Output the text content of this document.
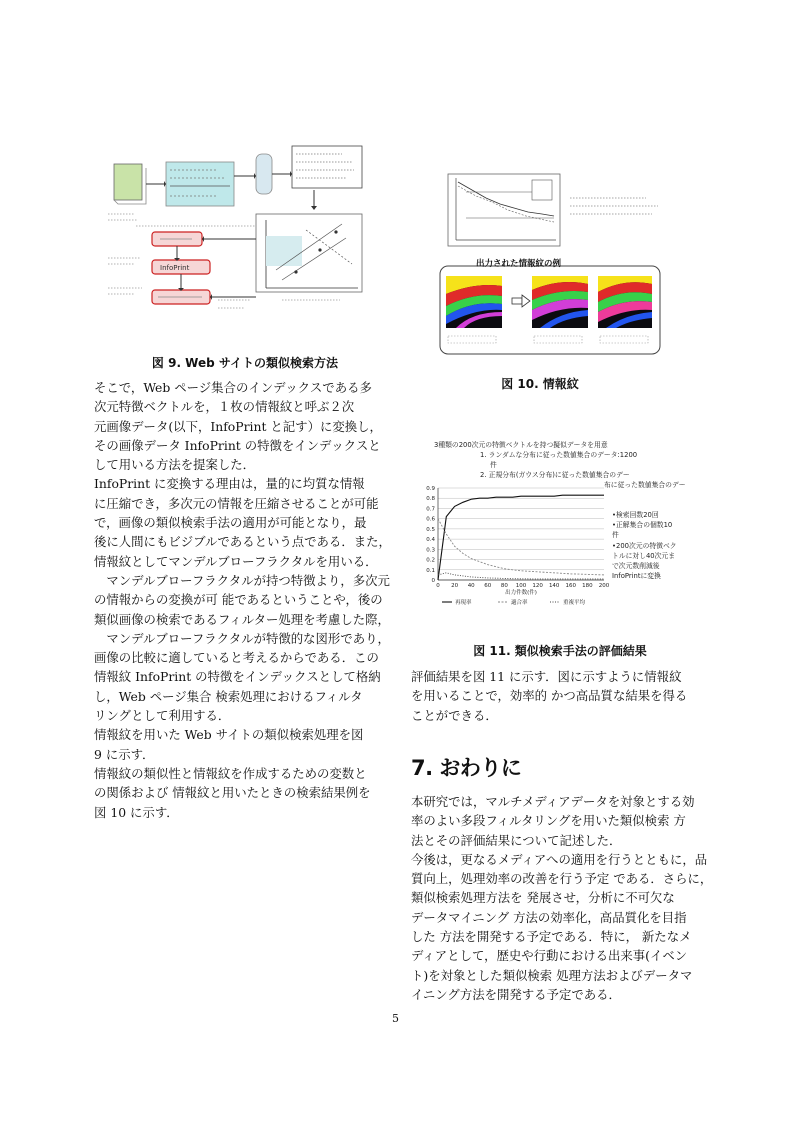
InfoPrint
図 9. Web サイトの類似検索方法
出力された情報紋の例
図 10. 情報紋
3種類の200次元の特徴ベクトルを持つ擬似データを用意
1. ランダムな分布に従った数値集合のデータ:1200
件
2. 正規分布(ガウス分布)に従った数値集合のデー
布に従った数値集合のデー
0
0.1
0.2
0.3
0.4
0.5
0.6
0.7
0.8
0.9
0 20 40 60 80 100 120 140 160 180 200
出力件数(件)
再現率	適合率	重複平均
•検索回数20回
•正解集合の個数10
件
•200次元の特徴ベク
トルに対し40次元ま
で次元数削減後
InfoPrintに変換
図 11. 類似検索手法の評価結果

そこで，Web ページ集合のインデックスである多
次元特徴ベクトルを，１枚の情報紋と呼ぶ２次
元画像データ(以下，InfoPrint と記す）に変換し，
その画像データ InfoPrint の特徴をインデックスと
して用いる方法を提案した．
InfoPrint に変換する理由は，量的に均質な情報
に圧縮でき，多次元の情報を圧縮させることが可能
で，画像の類似検索手法の適用が可能となり，最
後に人間にもビジブルであるという点である．また，
情報紋としてマンデルブローフラクタルを用いる．
　マンデルブローフラクタルが持つ特徴より，多次元
の情報からの変換が可 能であるということや，後の
類似画像の検索であるフィルター処理を考慮した際，
　マンデルブローフラクタルが特徴的な図形であり，
画像の比較に適していると考えるからである．この
情報紋 InfoPrint の特徴をインデックスとして格納
し，Web ページ集合 検索処理におけるフィルタ
リングとして利用する．
情報紋を用いた Web サイトの類似検索処理を図
9 に示す．
情報紋の類似性と情報紋を作成するための変数と
の関係および 情報紋と用いたときの検索結果例を
図 10 に示す．

評価結果を図 11 に示す．図に示すように情報紋
を用いることで，効率的 かつ高品質な結果を得る
ことができる．

7. おわりに

本研究では，マルチメディアデータを対象とする効
率のよい多段フィルタリングを用いた類似検索 方
法とその評価結果について記述した．
今後は，更なるメディアへの適用を行うとともに，品
質向上，処理効率の改善を行う予定 である．さらに，
類似検索処理方法を 発展させ，分析に不可欠な
データマイニング 方法の効率化，高品質化を目指
した 方法を開発する予定である．特に， 新たなメ
ディアとして，歴史や行動における出来事(イベン
ト)を対象とした類似検索 処理方法およびデータマ
イニング方法を開発する予定である．

5
